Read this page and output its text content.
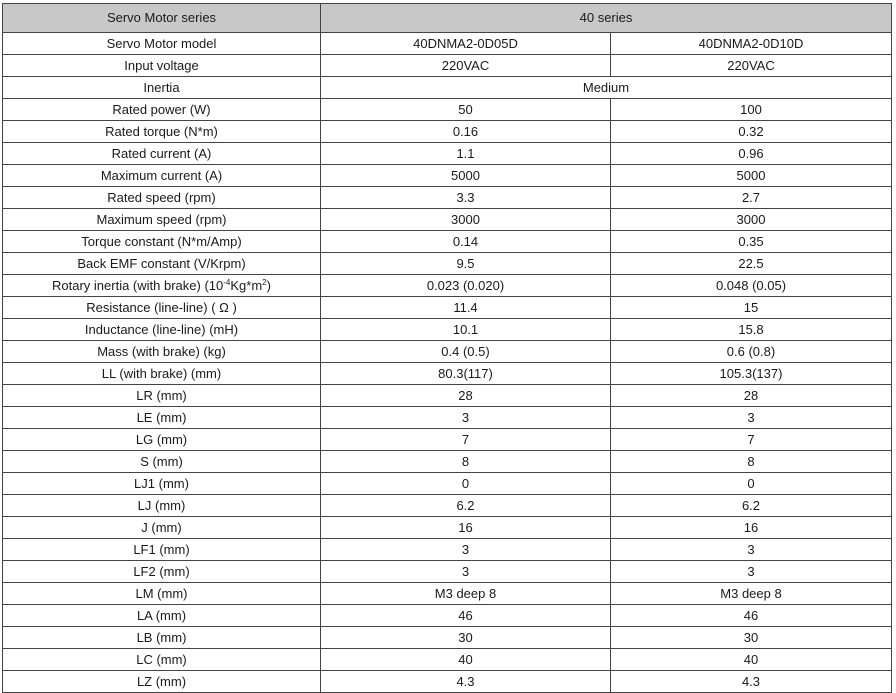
Servo Motor series	40 series	
Servo Motor model	40DNMA2-0D05D	40DNMA2-0D10D
Input voltage	220VAC	220VAC
Inertia	Medium	
Rated power (W)	50	100
Rated torque (N*m)	0.16	0.32
Rated current (A)	1.1	0.96
Maximum current (A)	5000	5000
Rated speed (rpm)	3.3	2.7
Maximum speed (rpm)	3000	3000
Torque constant (N*m/Amp)	0.14	0.35
Back EMF constant (V/Krpm)	9.5	22.5
Rotary inertia (with brake) $(10^{-4}Kg*m^2)$	0.023 (0.020)	0.048 (0.05)
Resistance (line-line) ( Ω )	11.4	15
Inductance (line-line) (mH)	10.1	15.8
Mass (with brake) (kg)	0.4 (0.5)	0.6 (0.8)
LL (with brake) (mm)	80.3(117)	105.3(137)
LR (mm)	28	28
LE (mm)	3	3
LG (mm)	7	7
S (mm)	8	8
LJ1 (mm)	0	0
LJ (mm)	6.2	6.2
J (mm)	16	16
LF1 (mm)	3	3
LF2 (mm)	3	3
LM (mm)	M3 deep 8	M3 deep 8
LA (mm)	46	46
LB (mm)	30	30
LC (mm)	40	40
LZ (mm)	4.3	4.3
